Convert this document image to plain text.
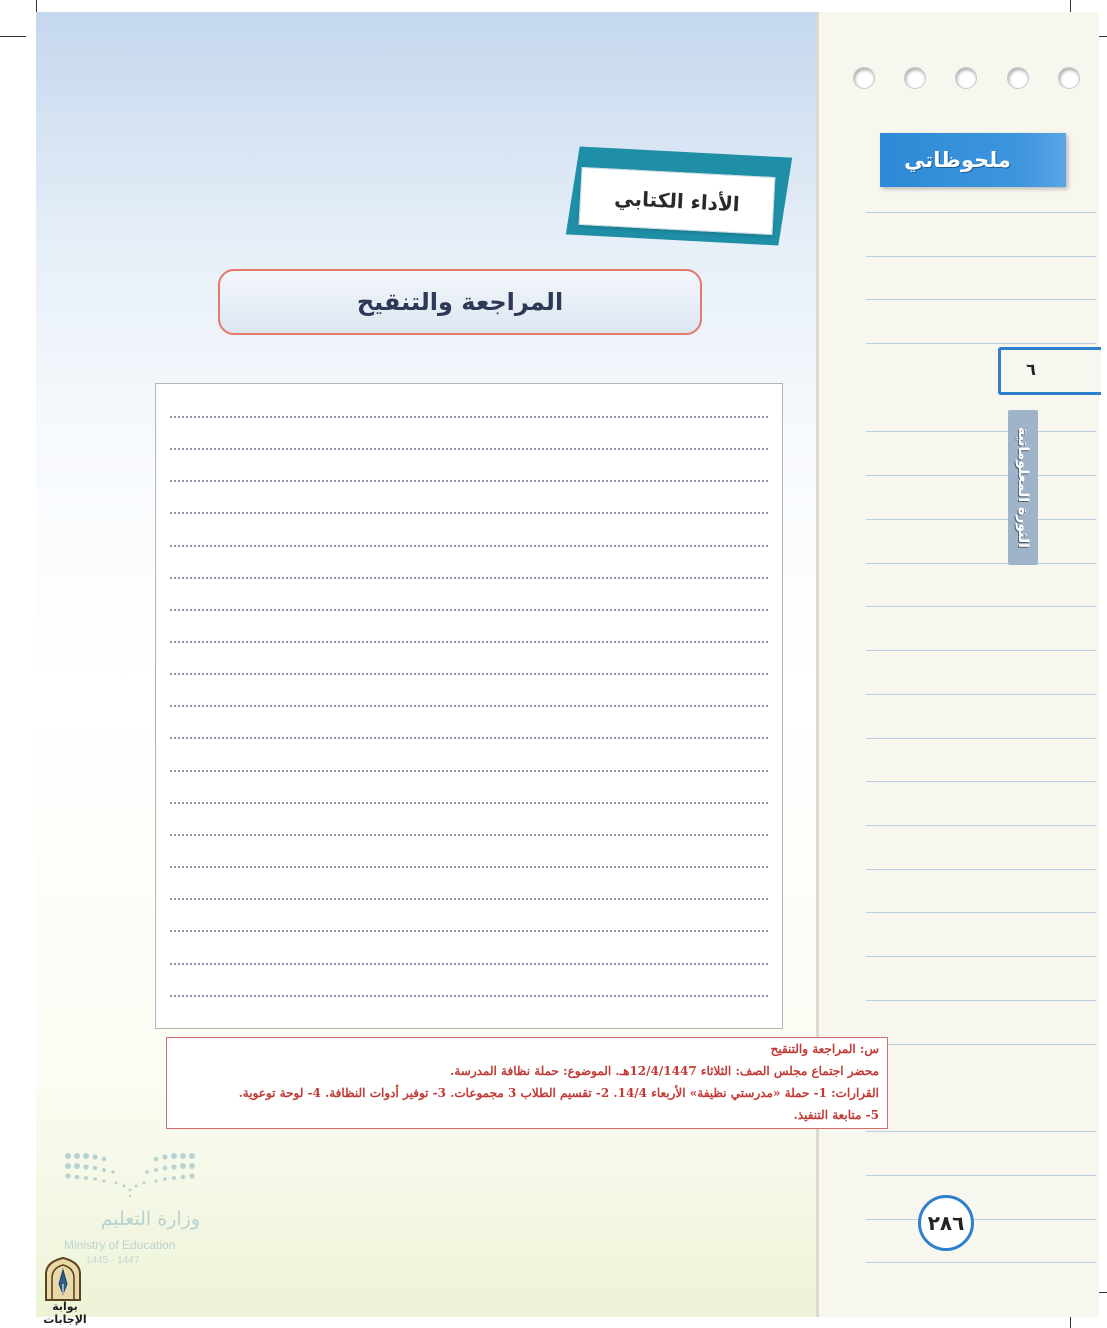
ملحوظاتي
٦
الثورة المعلوماتية
٢٨٦
الأداء الكتابي
المراجعة والتنقيح
س: المراجعة والتنقيح
محضر اجتماع مجلس الصف: الثلاثاء 12/4/1447هـ. الموضوع: حملة نظافة المدرسة.
القرارات: 1- حملة «مدرستي نظيفة» الأربعاء 14/4. 2- تقسيم الطلاب 3 مجموعات. 3- توفير أدوات النظافة. 4- لوحة توعوية.
5- متابعة التنفيذ.
وزارة التعليم
Ministry of Education
1445 - 1447
بوابة الإجابات
